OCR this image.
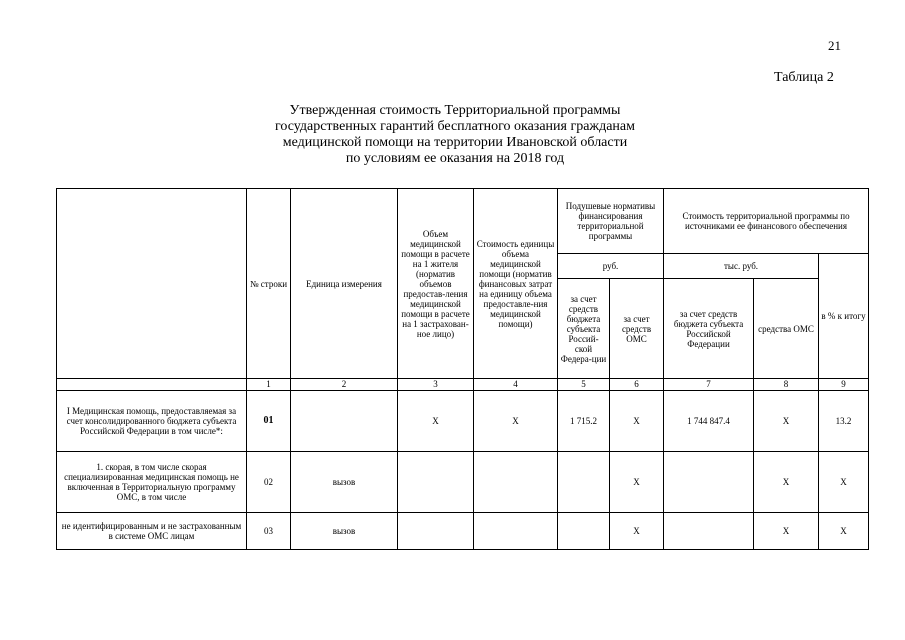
21
Таблица 2
Утвержденная стоимость Территориальной программы
государственных гарантий бесплатного оказания гражданам
медицинской помощи на территории Ивановской области
по условиям ее оказания на 2018 год
	№ строки	Единица измерения	Объем медицинской помощи в расчете на 1 жителя (норматив объемов предостав-ления медицинской помощи в расчете на 1 застрахован-ное лицо)	Стоимость единицы объема медицинской помощи (норматив финансовых затрат на единицу объема предоставле-ния медицинской помощи)	Подушевые нормативы финансирования территориальной программы		Стоимость территориальной программы по источниками ее финансового обеспечения		
					руб.		тыс. руб.		в % к итогу
					за счет средств бюджета субъекта Россий-ской Федера-ции	за счет средств ОМС	за счет средств бюджета субъекта Российской Федерации	средства ОМС	
	1	2	3	4	5	6	7	8	9
I Медицинская помощь, предоставляемая за счет консолидированного бюджета субъекта Российской Федерации в том числе*:	01		X	X	1 715.2	X	1 744 847.4	X	13.2
1. скорая, в том числе скорая специализированная медицинская помощь не включенная в Территориальную программу ОМС, в том числе	02	вызов				X		X	X
не идентифицированным и не застрахованным в системе ОМС лицам	03	вызов				X		X	X
